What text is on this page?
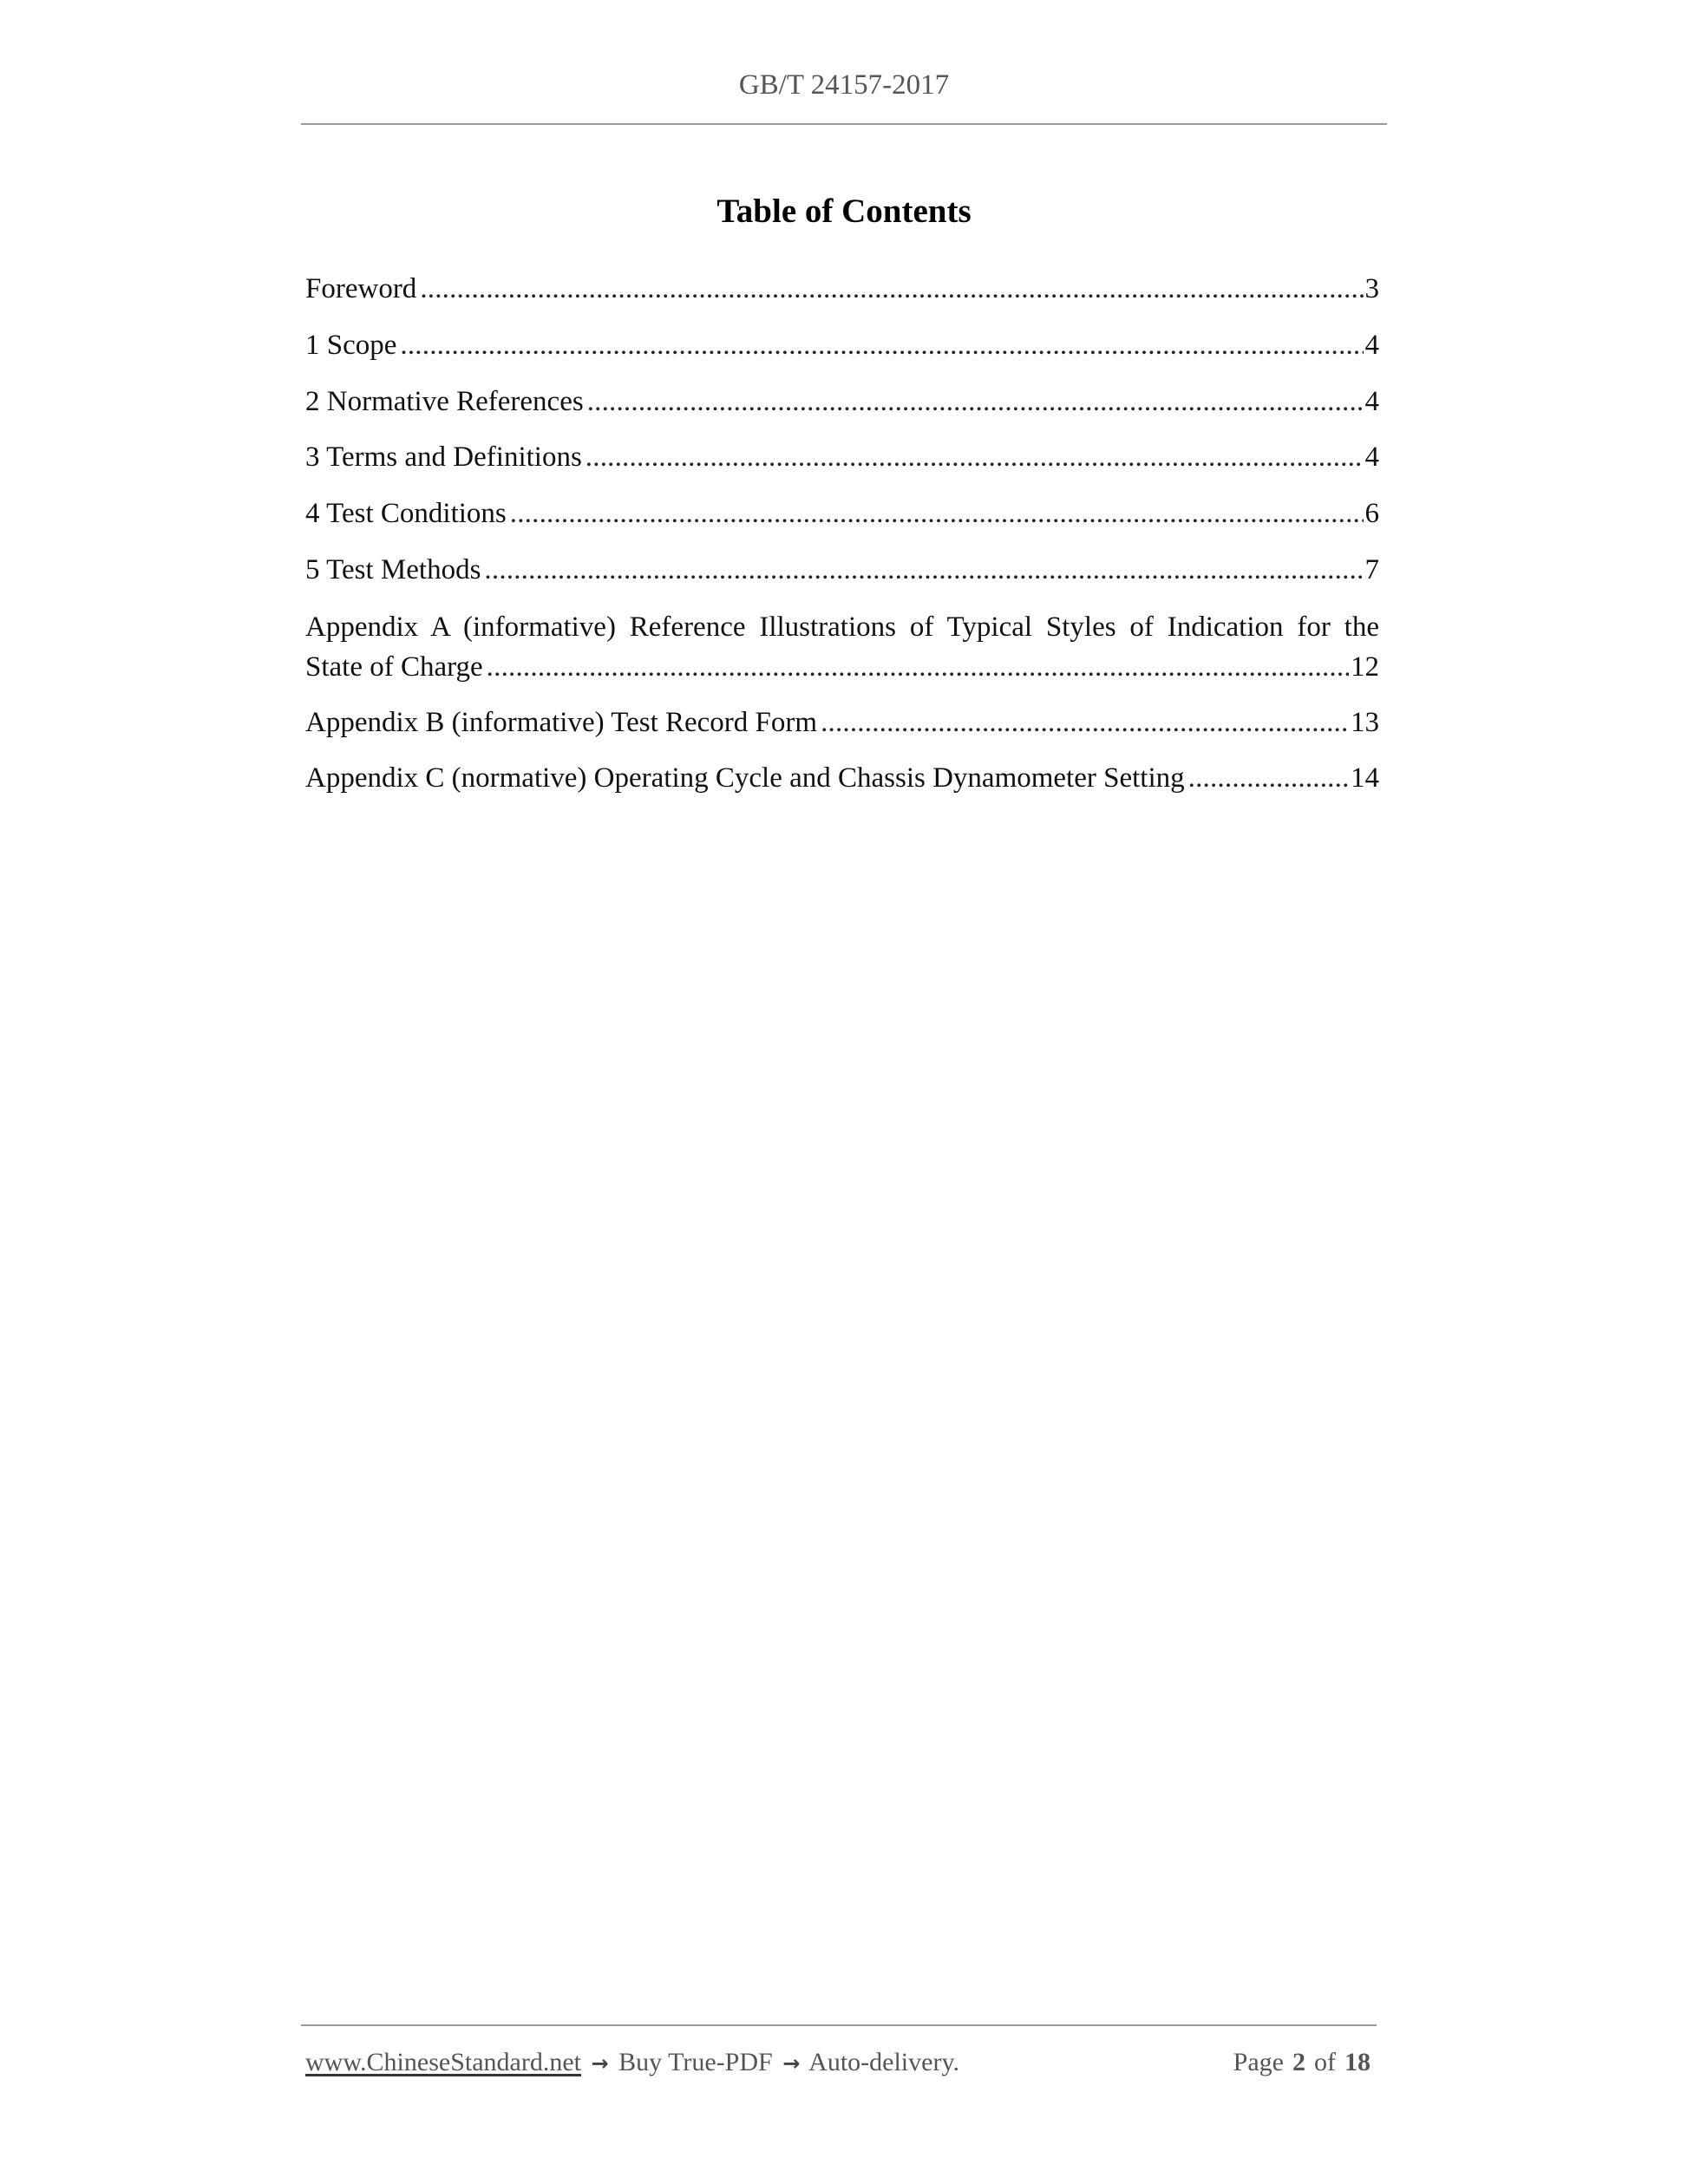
GB/T 24157-2017
Table of Contents
Foreword .....	3
1 Scope .....	4
2 Normative References .....	4
3 Terms and Definitions .....	4
4 Test Conditions .....	6
5 Test Methods .....	7
Appendix A (informative) Reference Illustrations of Typical Styles of Indication for the
State of Charge .....	12
Appendix B (informative) Test Record Form .....	13
Appendix C (normative) Operating Cycle and Chassis Dynamometer Setting .....	14
www.ChineseStandard.net → Buy True-PDF → Auto-delivery.	Page 2 of 18
